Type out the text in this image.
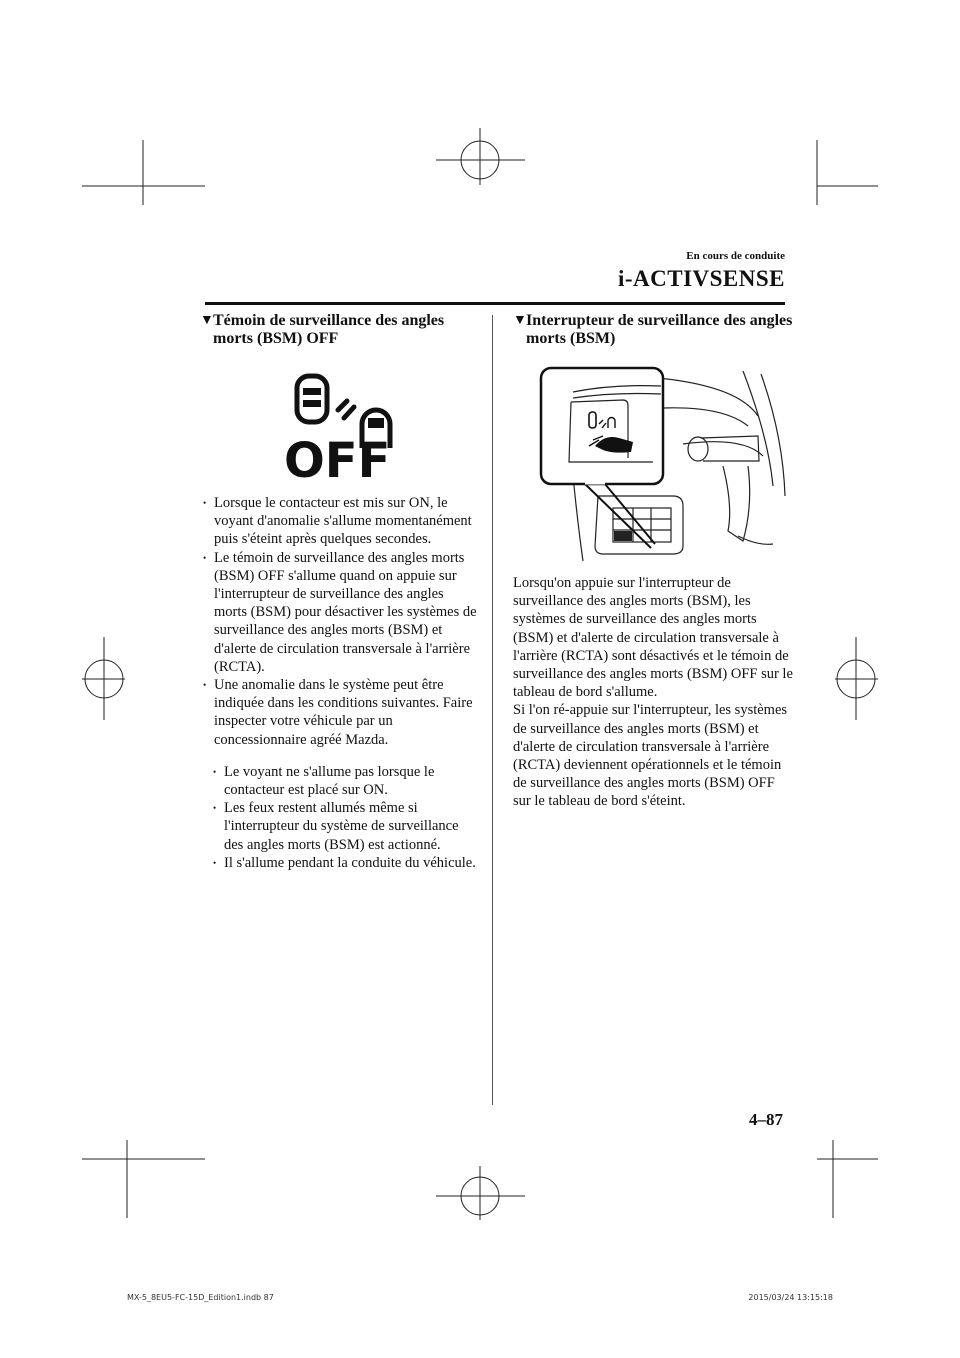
En cours de conduite
i-ACTIVSENSE
▼ Témoin de surveillance des angles morts (BSM) OFF
OFF
• Lorsque le contacteur est mis sur ON, le voyant d'anomalie s'allume momentanément puis s'éteint après quelques secondes.
• Le témoin de surveillance des angles morts (BSM) OFF s'allume quand on appuie sur l'interrupteur de surveillance des angles morts (BSM) pour désactiver les systèmes de surveillance des angles morts (BSM) et d'alerte de circulation transversale à l'arrière (RCTA).
• Une anomalie dans le système peut être indiquée dans les conditions suivantes. Faire inspecter votre véhicule par un concessionnaire agréé Mazda.
• Le voyant ne s'allume pas lorsque le contacteur est placé sur ON.
• Les feux restent allumés même si l'interrupteur du système de surveillance des angles morts (BSM) est actionné.
• Il s'allume pendant la conduite du véhicule.
▼ Interrupteur de surveillance des angles morts (BSM)
Lorsqu'on appuie sur l'interrupteur de surveillance des angles morts (BSM), les systèmes de surveillance des angles morts (BSM) et d'alerte de circulation transversale à l'arrière (RCTA) sont désactivés et le témoin de surveillance des angles morts (BSM) OFF sur le tableau de bord s'allume.
Si l'on ré-appuie sur l'interrupteur, les systèmes de surveillance des angles morts (BSM) et d'alerte de circulation transversale à l'arrière (RCTA) deviennent opérationnels et le témoin de surveillance des angles morts (BSM) OFF sur le tableau de bord s'éteint.
4–87
MX-5_8EU5-FC-15D_Edition1.indb 87	2015/03/24 13:15:18
